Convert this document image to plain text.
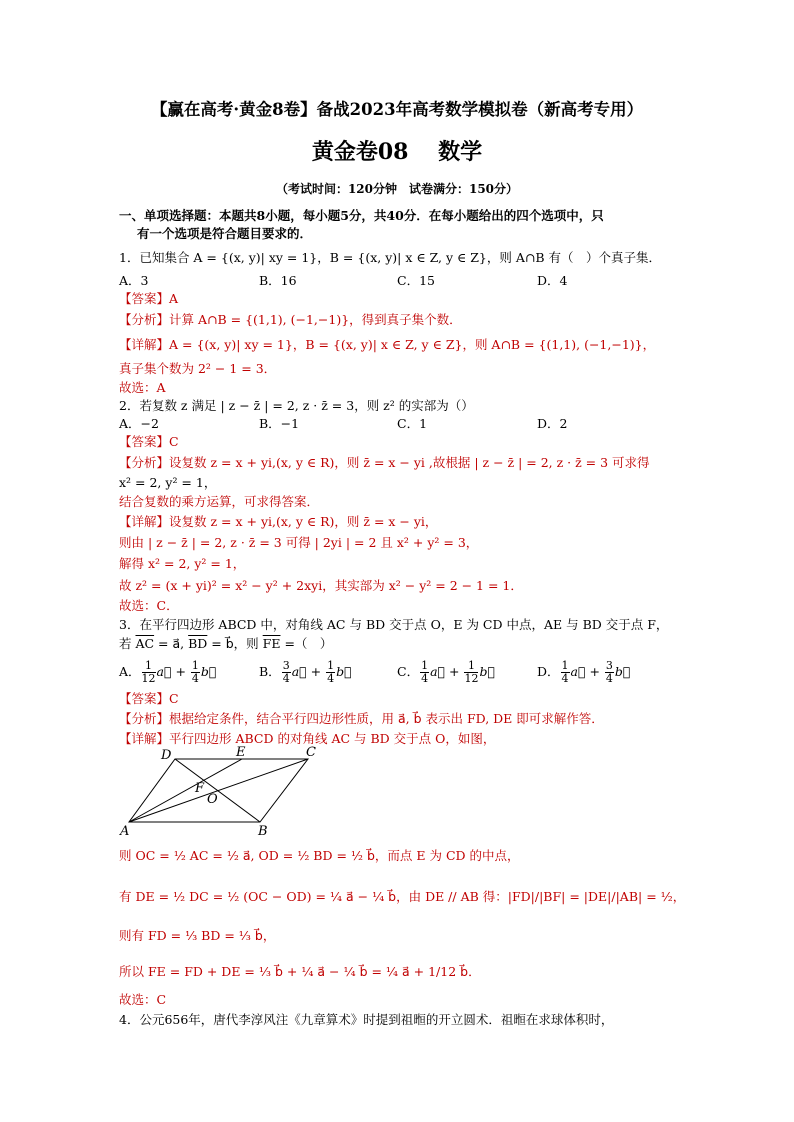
【赢在高考·黄金8卷】备战2023年高考数学模拟卷（新高考专用）
黄金卷08　 数学
（考试时间：120分钟　试卷满分：150分）
一、单项选择题：本题共8小题，每小题5分，共40分．在每小题给出的四个选项中，只
有一个选项是符合题目要求的．
1．已知集合 A = {(x, y)| xy = 1}，B = {(x, y)| x ∈ Z, y ∈ Z}，则 A∩B 有（　）个真子集．
A．3	B．16	C．15	D．4
【答案】A
【分析】计算 A∩B = {(1,1), (−1,−1)}，得到真子集个数．
【详解】A = {(x, y)| xy = 1}，B = {(x, y)| x ∈ Z, y ∈ Z}，则 A∩B = {(1,1), (−1,−1)}，
真子集个数为 2² − 1 = 3．
故选：A
2．若复数 z 满足 | z − z̄ | = 2, z · z̄ = 3，则 z² 的实部为（）
A．−2	B．−1	C．1	D．2
【答案】C
【分析】设复数 z = x + yi,(x, y ∈ R)，则 z̄ = x − yi ,故根据 | z − z̄ | = 2, z · z̄ = 3 可求得
x² = 2, y² = 1，
结合复数的乘方运算，可求得答案．
【详解】设复数 z = x + yi,(x, y ∈ R)，则 z̄ = x − yi，
则由 | z − z̄ | = 2, z · z̄ = 3 可得 | 2yi | = 2 且 x² + y² = 3，
解得 x² = 2, y² = 1，
故 z² = (x + yi)² = x² − y² + 2xyi，其实部为 x² − y² = 2 − 1 = 1．
故选：C．
3．在平行四边形 ABCD 中，对角线 AC 与 BD 交于点 O，E 为 CD 中点，AE 与 BD 交于点 F，
若 $\overline{AC}$ = a⃗, $\overline{BD}$ = b⃗，则 $\overline{FE}$ =（　）
A． $\frac{1}{12}$ a⃗ + $\frac{1}{4}$ b⃗	B． $\frac{3}{4}$ a⃗ + $\frac{1}{4}$ b⃗	C． $\frac{1}{4}$ a⃗ + $\frac{1}{12}$ b⃗	D． $\frac{1}{4}$ a⃗ + $\frac{3}{4}$ b⃗
【答案】C
【分析】根据给定条件，结合平行四边形性质，用 a⃗, b⃗ 表示出 FD, DE 即可求解作答．
【详解】平行四边形 ABCD 的对角线 AC 与 BD 交于点 O，如图，
D	E	C
F
O
A	B
则 OC = ½ AC = ½ a⃗, OD = ½ BD = ½ b⃗，而点 E 为 CD 的中点，
有 DE = ½ DC = ½ (OC − OD) = ¼ a⃗ − ¼ b⃗，由 DE // AB 得：|FD|/|BF| = |DE|/|AB| = ½，
则有 FD = ⅓ BD = ⅓ b⃗，
所以 FE = FD + DE = ⅓ b⃗ + ¼ a⃗ − ¼ b⃗ = ¼ a⃗ + 1/12 b⃗．
故选：C
4．公元656年，唐代李淳风注《九章算术》时提到祖暅的开立圆术．祖暅在求球体积时，
